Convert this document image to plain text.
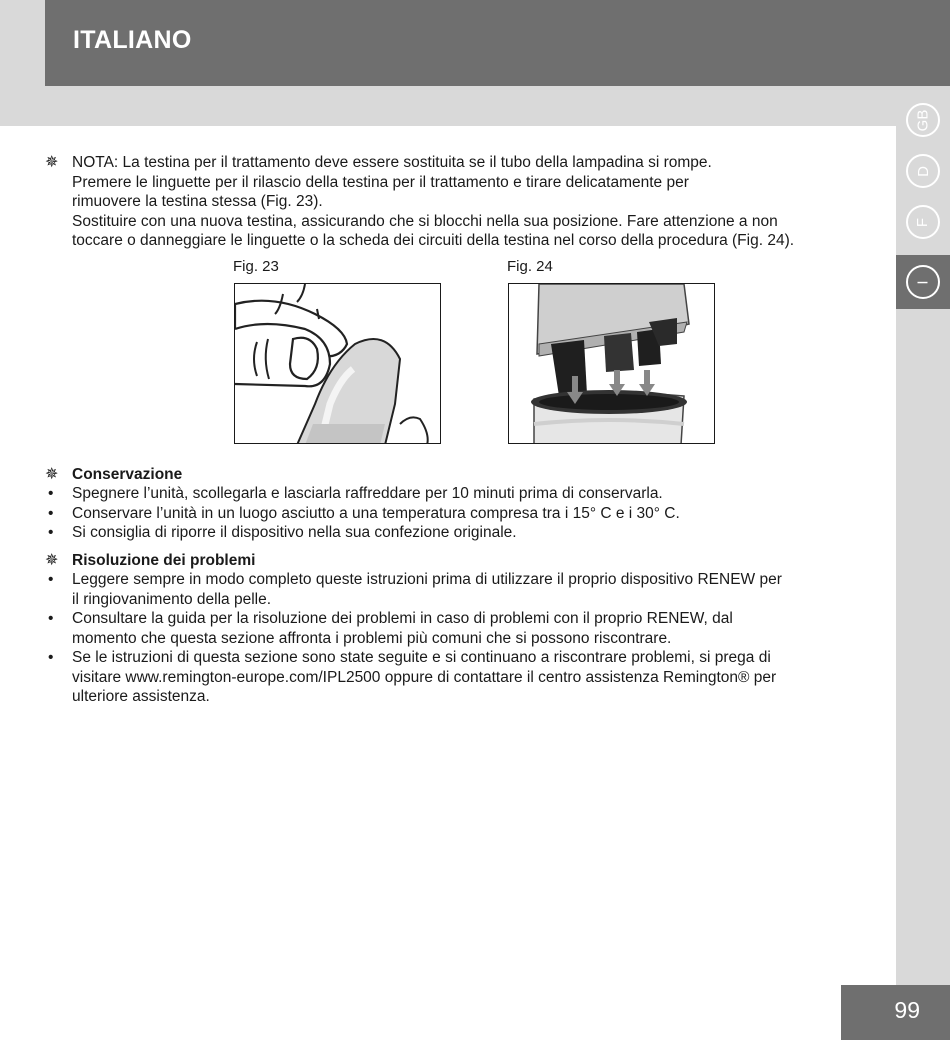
ITALIANO
GB
D
F
I
✵ NOTA: La testina per il trattamento deve essere sostituita se il tubo della lampadina si rompe.
Premere le linguette per il rilascio della testina per il trattamento e tirare delicatamente per
rimuovere la testina stessa (Fig. 23).
Sostituire con una nuova testina, assicurando che si blocchi nella sua posizione. Fare attenzione a non
toccare o danneggiare le linguette o la scheda dei circuiti della testina nel corso della procedura (Fig. 24).
Fig. 23	Fig. 24
✵ Conservazione
•	Spegnere l’unità, scollegarla e lasciarla raffreddare per 10 minuti prima di conservarla.
•	Conservare l’unità in un luogo asciutto a una temperatura compresa tra i 15° C e i 30° C.
•	Si consiglia di riporre il dispositivo nella sua confezione originale.
✵ Risoluzione dei problemi
•	Leggere sempre in modo completo queste istruzioni prima di utilizzare il proprio dispositivo RENEW per
il ringiovanimento della pelle.
•	Consultare la guida per la risoluzione dei problemi in caso di problemi con il proprio RENEW, dal
momento che questa sezione affronta i problemi più comuni che si possono riscontrare.
•	Se le istruzioni di questa sezione sono state seguite e si continuano a riscontrare problemi, si prega di
visitare www.remington-europe.com/IPL2500 oppure di contattare il centro assistenza Remington® per
ulteriore assistenza.
99
